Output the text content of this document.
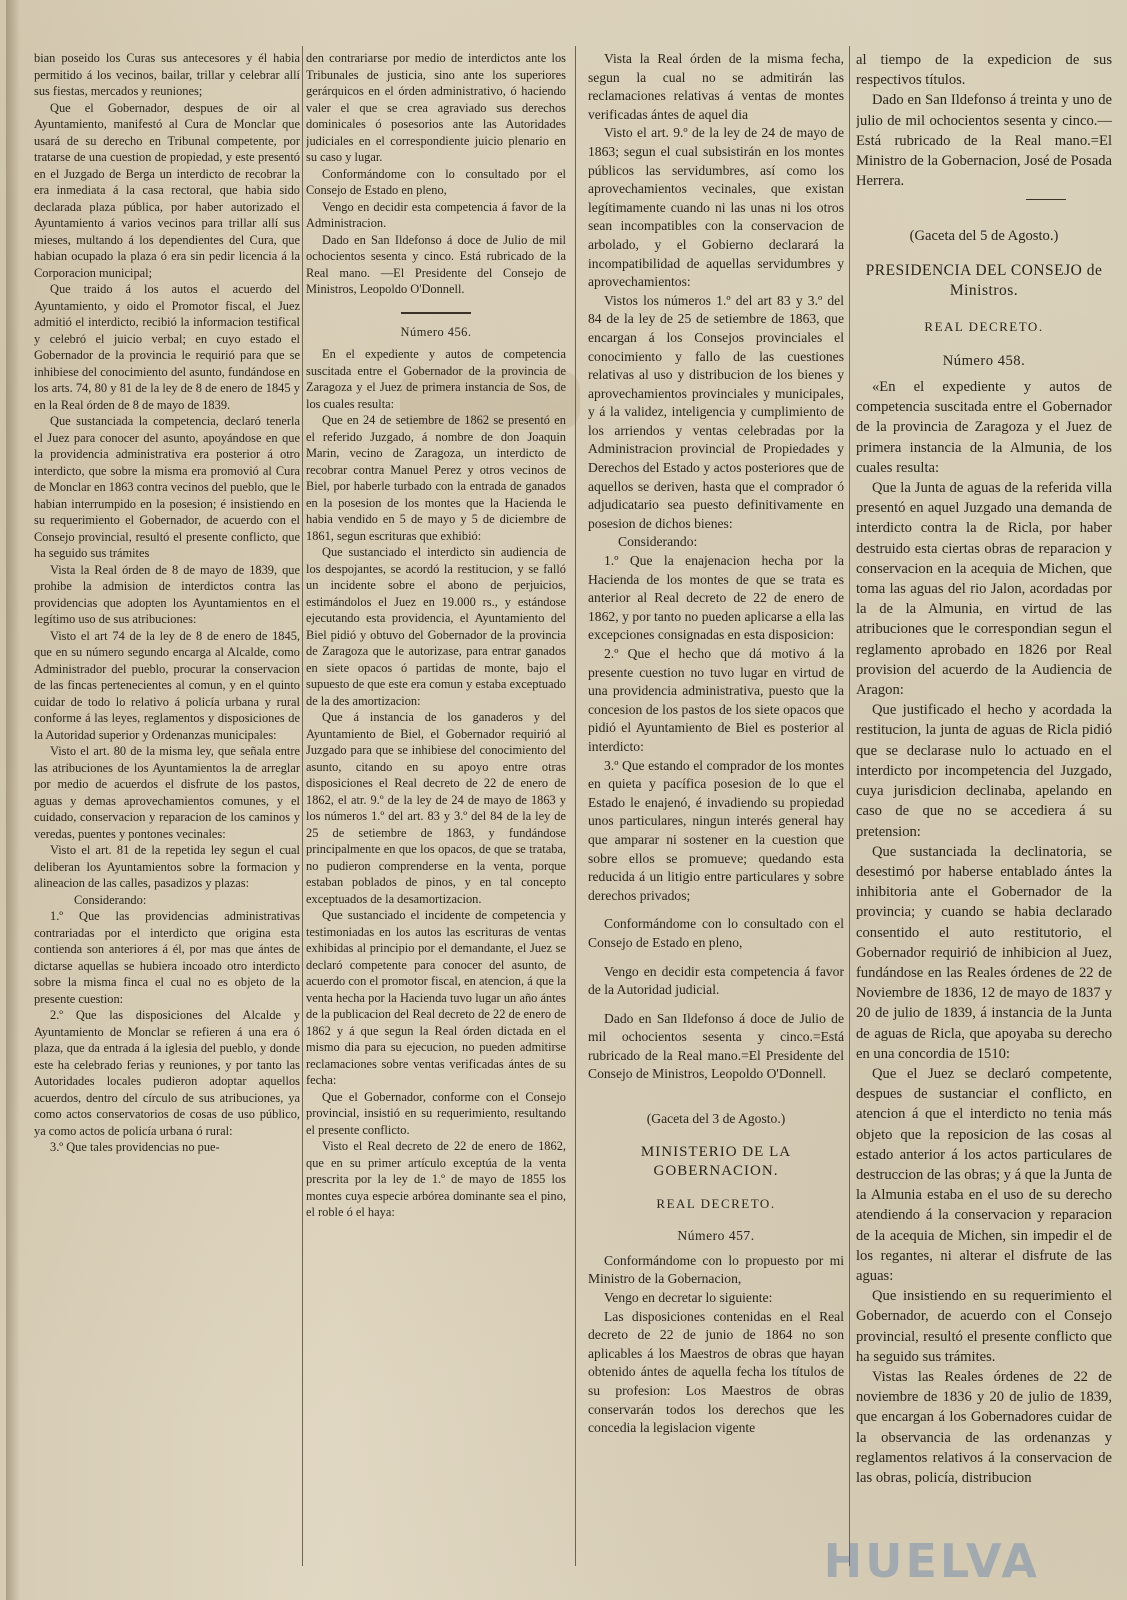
bian poseido los Curas sus antecesores y él habia permitido á los vecinos, bailar, trillar y celebrar allí sus fiestas, mercados y reuniones;

Que el Gobernador, despues de oir al Ayuntamiento, manifestó al Cura de Monclar que usará de su derecho en Tribunal competente, por tratarse de una cuestion de propiedad, y este presentó en el Juzgado de Berga un interdicto de recobrar la era inmediata á la casa rectoral, que habia sido declarada plaza pública, por haber autorizado el Ayuntamiento á varios vecinos para trillar allí sus mieses, multando á los dependientes del Cura, que habian ocupado la plaza ó era sin pedir licencia á la Corporacion municipal;

Que traido á los autos el acuerdo del Ayuntamiento, y oido el Promotor fiscal, el Juez admitió el interdicto, recibió la informacion testifical y celebró el juicio verbal; en cuyo estado el Gobernador de la provincia le requirió para que se inhibiese del conocimiento del asunto, fundándose en los arts. 74, 80 y 81 de la ley de 8 de enero de 1845 y en la Real órden de 8 de mayo de 1839.

Que sustanciada la competencia, declaró tenerla el Juez para conocer del asunto, apoyándose en que la providencia administrativa era posterior á otro interdicto, que sobre la misma era promovió al Cura de Monclar en 1863 contra vecinos del pueblo, que le habian interrumpido en la posesion; é insistiendo en su requerimiento el Gobernador, de acuerdo con el Consejo provincial, resultó el presente conflicto, que ha seguido sus trámites

Vista la Real órden de 8 de mayo de 1839, que prohibe la admision de interdictos contra las providencias que adopten los Ayuntamientos en el legítimo uso de sus atribuciones:

Visto el art 74 de la ley de 8 de enero de 1845, que en su número segundo encarga al Alcalde, como Administrador del pueblo, procurar la conservacion de las fincas pertenecientes al comun, y en el quinto cuidar de todo lo relativo á policía urbana y rural conforme á las leyes, reglamentos y disposiciones de la Autoridad superior y Ordenanzas municipales:

Visto el art. 80 de la misma ley, que señala entre las atribuciones de los Ayuntamientos la de arreglar por medio de acuerdos el disfrute de los pastos, aguas y demas aprovechamientos comunes, y el cuidado, conservacion y reparacion de los caminos y veredas, puentes y pontones vecinales:

Visto el art. 81 de la repetida ley segun el cual deliberan los Ayuntamientos sobre la formacion y alineacion de las calles, pasadizos y plazas:

Considerando:

1.º Que las providencias administrativas contrariadas por el interdicto que origina esta contienda son anteriores á él, por mas que ántes de dictarse aquellas se hubiera incoado otro interdicto sobre la misma finca el cual no es objeto de la presente cuestion:

2.º Que las disposiciones del Alcalde y Ayuntamiento de Monclar se refieren á una era ó plaza, que da entrada á la iglesia del pueblo, y donde este ha celebrado ferias y reuniones, y por tanto las Autoridades locales pudieron adoptar aquellos acuerdos, dentro del círculo de sus atribuciones, ya como actos conservatorios de cosas de uso público, ya como actos de policía urbana ó rural:

3.º Que tales providencias no pue-

den contrariarse por medio de interdictos ante los Tribunales de justicia, sino ante los superiores gerárquicos en el órden administrativo, ó haciendo valer el que se crea agraviado sus derechos dominicales ó posesorios ante las Autoridades judiciales en el correspondiente juicio plenario en su caso y lugar.

Conformándome con lo consultado por el Consejo de Estado en pleno,

Vengo en decidir esta competencia á favor de la Administracion.

Dado en San Ildefonso á doce de Julio de mil ochocientos sesenta y cinco. Está rubricado de la Real mano. —El Presidente del Consejo de Ministros, Leopoldo O'Donnell.

Número 456.

En el expediente y autos de competencia suscitada entre el Gobernador de la provincia de Zaragoza y el Juez de primera instancia de Sos, de los cuales resulta:

Que en 24 de setiembre de 1862 se presentó en el referido Juzgado, á nombre de don Joaquin Marin, vecino de Zaragoza, un interdicto de recobrar contra Manuel Perez y otros vecinos de Biel, por haberle turbado con la entrada de ganados en la posesion de los montes que la Hacienda le habia vendido en 5 de mayo y 5 de diciembre de 1861, segun escrituras que exhibió:

Que sustanciado el interdicto sin audiencia de los despojantes, se acordó la restitucion, y se falló un incidente sobre el abono de perjuicios, estimándolos el Juez en 19.000 rs., y estándose ejecutando esta providencia, el Ayuntamiento del Biel pidió y obtuvo del Gobernador de la provincia de Zaragoza que le autorizase, para entrar ganados en siete opacos ó partidas de monte, bajo el supuesto de que este era comun y estaba exceptuado de la des amortizacion:

Que á instancia de los ganaderos y del Ayuntamiento de Biel, el Gobernador requirió al Juzgado para que se inhibiese del conocimiento del asunto, citando en su apoyo entre otras disposiciones el Real decreto de 22 de enero de 1862, el atr. 9.º de la ley de 24 de mayo de 1863 y los números 1.º del art. 83 y 3.º del 84 de la ley de 25 de setiembre de 1863, y fundándose principalmente en que los opacos, de que se trataba, no pudieron comprenderse en la venta, porque estaban poblados de pinos, y en tal concepto exceptuados de la desamortizacion.

Que sustanciado el incidente de competencia y testimoniadas en los autos las escrituras de ventas exhibidas al principio por el demandante, el Juez se declaró competente para conocer del asunto, de acuerdo con el promotor fiscal, en atencion, á que la venta hecha por la Hacienda tuvo lugar un año ántes de la publicacion del Real decreto de 22 de enero de 1862 y á que segun la Real órden dictada en el mismo dia para su ejecucion, no pueden admitirse reclamaciones sobre ventas verificadas ántes de su fecha:

Que el Gobernador, conforme con el Consejo provincial, insistió en su requerimiento, resultando el presente conflicto.

Visto el Real decreto de 22 de enero de 1862, que en su primer artículo exceptúa de la venta prescrita por la ley de 1.º de mayo de 1855 los montes cuya especie arbórea dominante sea el pino, el roble ó el haya:

Vista la Real órden de la misma fecha, segun la cual no se admitirán las reclamaciones relativas á ventas de montes verificadas ántes de aquel dia

Visto el art. 9.º de la ley de 24 de mayo de 1863; segun el cual subsistirán en los montes públicos las servidumbres, así como los aprovechamientos vecinales, que existan legítimamente cuando ni las unas ni los otros sean incompatibles con la conservacion de arbolado, y el Gobierno declarará la incompatibilidad de aquellas servidumbres y aprovechamientos:

Vistos los números 1.º del art 83 y 3.º del 84 de la ley de 25 de setiembre de 1863, que encargan á los Consejos provinciales el conocimiento y fallo de las cuestiones relativas al uso y distribucion de los bienes y aprovechamientos provinciales y municipales, y á la validez, inteligencia y cumplimiento de los arriendos y ventas celebradas por la Administracion provincial de Propiedades y Derechos del Estado y actos posteriores que de aquellos se deriven, hasta que el comprador ó adjudicatario sea puesto definitivamente en posesion de dichos bienes:

Considerando:

1.º Que la enajenacion hecha por la Hacienda de los montes de que se trata es anterior al Real decreto de 22 de enero de 1862, y por tanto no pueden aplicarse a ella las excepciones consignadas en esta disposicion:

2.º Que el hecho que dá motivo á la presente cuestion no tuvo lugar en virtud de una providencia administrativa, puesto que la concesion de los pastos de los siete opacos que pidió el Ayuntamiento de Biel es posterior al interdicto:

3.º Que estando el comprador de los montes en quieta y pacífica posesion de lo que el Estado le enajenó, é invadiendo su propiedad unos particulares, ningun interés general hay que amparar ni sostener en la cuestion que sobre ellos se promueve; quedando esta reducida á un litigio entre particulares y sobre derechos privados;

Conformándome con lo consultado con el Consejo de Estado en pleno,

Vengo en decidir esta competencia á favor de la Autoridad judicial.

Dado en San Ildefonso á doce de Julio de mil ochocientos sesenta y cinco.=Está rubricado de la Real mano.=El Presidente del Consejo de Ministros, Leopoldo O'Donnell.

(Gaceta del 3 de Agosto.)

MINISTERIO DE LA GOBERNACION.

REAL DECRETO.

Número 457.

Conformándome con lo propuesto por mi Ministro de la Gobernacion,

Vengo en decretar lo siguiente:

Las disposiciones contenidas en el Real decreto de 22 de junio de 1864 no son aplicables á los Maestros de obras que hayan obtenido ántes de aquella fecha los títulos de su profesion: Los Maestros de obras conservarán todos los derechos que les concedia la legislacion vigente

al tiempo de la expedicion de sus respectivos títulos.

Dado en San Ildefonso á treinta y uno de julio de mil ochocientos sesenta y cinco.—Está rubricado de la Real mano.=El Ministro de la Gobernacion, José de Posada Herrera.

(Gaceta del 5 de Agosto.)

PRESIDENCIA DEL CONSEJO de Ministros.

REAL DECRETO.

Número 458.

«En el expediente y autos de competencia suscitada entre el Gobernador de la provincia de Zaragoza y el Juez de primera instancia de la Almunia, de los cuales resulta:

Que la Junta de aguas de la referida villa presentó en aquel Juzgado una demanda de interdicto contra la de Ricla, por haber destruido esta ciertas obras de reparacion y conservacion en la acequia de Michen, que toma las aguas del rio Jalon, acordadas por la de la Almunia, en virtud de las atribuciones que le correspondian segun el reglamento aprobado en 1826 por Real provision del acuerdo de la Audiencia de Aragon:

Que justificado el hecho y acordada la restitucion, la junta de aguas de Ricla pidió que se declarase nulo lo actuado en el interdicto por incompetencia del Juzgado, cuya jurisdicion declinaba, apelando en caso de que no se accediera á su pretension:

Que sustanciada la declinatoria, se desestimó por haberse entablado ántes la inhibitoria ante el Gobernador de la provincia; y cuando se habia declarado consentido el auto restitutorio, el Gobernador requirió de inhibicion al Juez, fundándose en las Reales órdenes de 22 de Noviembre de 1836, 12 de mayo de 1837 y 20 de julio de 1839, á instancia de la Junta de aguas de Ricla, que apoyaba su derecho en una concordia de 1510:

Que el Juez se declaró competente, despues de sustanciar el conflicto, en atencion á que el interdicto no tenia más objeto que la reposicion de las cosas al estado anterior á los actos particulares de destruccion de las obras; y á que la Junta de la Almunia estaba en el uso de su derecho atendiendo á la conservacion y reparacion de la acequia de Michen, sin impedir el de los regantes, ni alterar el disfrute de las aguas:

Que insistiendo en su requerimiento el Gobernador, de acuerdo con el Consejo provincial, resultó el presente conflicto que ha seguido sus trámites.

Vistas las Reales órdenes de 22 de noviembre de 1836 y 20 de julio de 1839, que encargan á los Gobernadores cuidar de la observancia de las ordenanzas y reglamentos relativos á la conservacion de las obras, policía, distribucion

HUELVA
